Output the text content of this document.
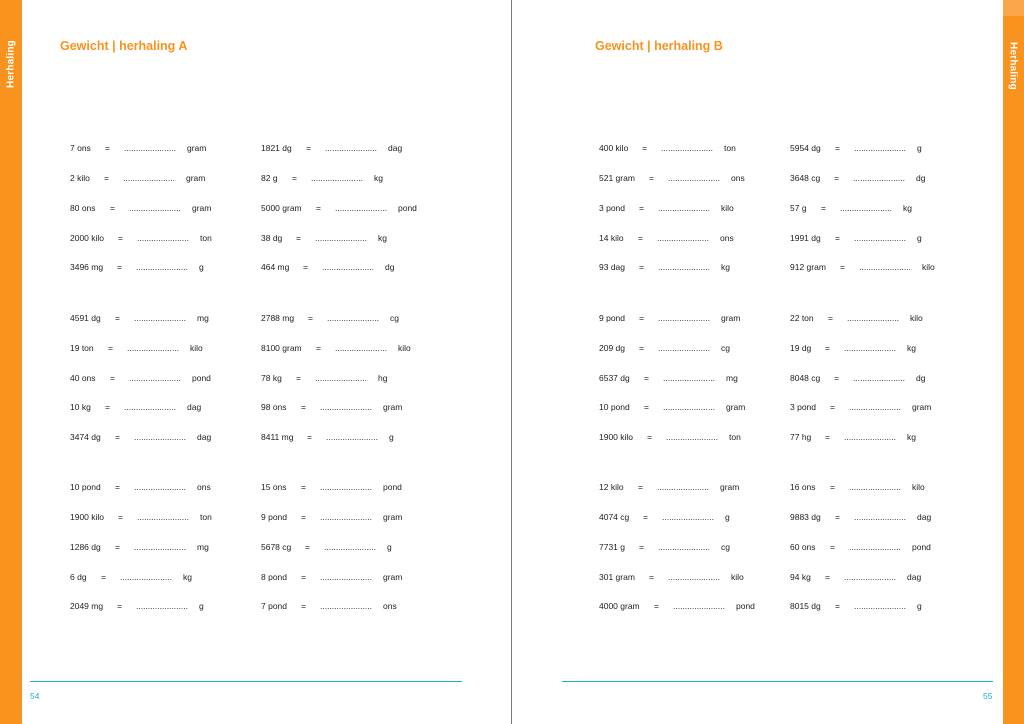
Herhaling	Herhaling
Gewicht | herhaling A	Gewicht | herhaling B
7 ons = ...................... gram
2 kilo = ...................... gram
80 ons = ...................... gram
2000 kilo = ...................... ton
3496 mg = ...................... g
4591 dg = ...................... mg
19 ton = ...................... kilo
40 ons = ...................... pond
10 kg = ...................... dag
3474 dg = ...................... dag
10 pond = ...................... ons
1900 kilo = ...................... ton
1286 dg = ...................... mg
6 dg = ...................... kg
2049 mg = ...................... g
1821 dg = ...................... dag
82 g = ...................... kg
5000 gram = ...................... pond
38 dg = ...................... kg
464 mg = ...................... dg
2788 mg = ...................... cg
8100 gram = ...................... kilo
78 kg = ...................... hg
98 ons = ...................... gram
8411 mg = ...................... g
15 ons = ...................... pond
9 pond = ...................... gram
5678 cg = ...................... g
8 pond = ...................... gram
7 pond = ...................... ons
400 kilo = ...................... ton
521 gram = ...................... ons
3 pond = ...................... kilo
14 kilo = ...................... ons
93 dag = ...................... kg
9 pond = ...................... gram
209 dg = ...................... cg
6537 dg = ...................... mg
10 pond = ...................... gram
1900 kilo = ...................... ton
12 kilo = ...................... gram
4074 cg = ...................... g
7731 g = ...................... cg
301 gram = ...................... kilo
4000 gram = ...................... pond
5954 dg = ...................... g
3648 cg = ...................... dg
57 g = ...................... kg
1991 dg = ...................... g
912 gram = ...................... kilo
22 ton = ...................... kilo
19 dg = ...................... kg
8048 cg = ...................... dg
3 pond = ...................... gram
77 hg = ...................... kg
16 ons = ...................... kilo
9883 dg = ...................... dag
60 ons = ...................... pond
94 kg = ...................... dag
8015 dg = ...................... g
54	55
